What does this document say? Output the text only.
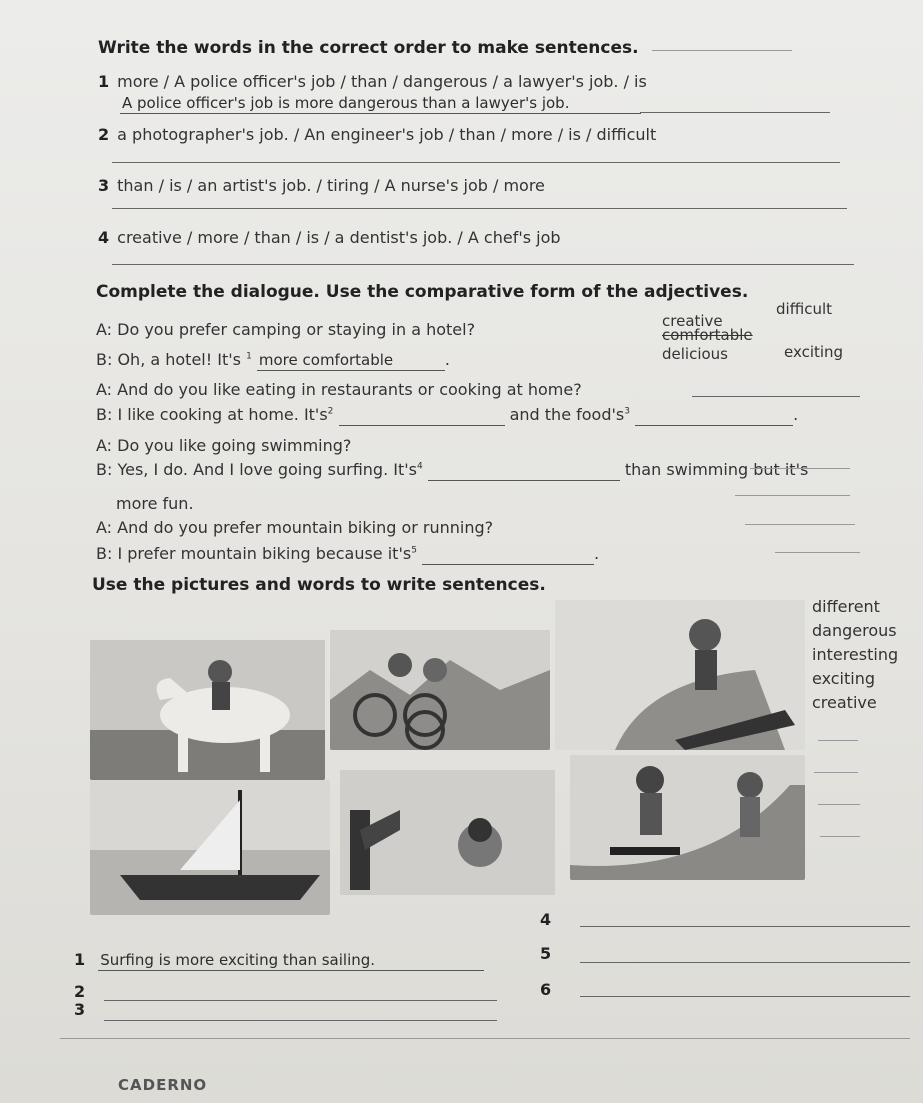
Write the words in the correct order to make sentences.
1 more / A police officer's job / than / dangerous / a lawyer's job. / is
A police officer's job is more dangerous than a lawyer's job.
2 a photographer's job. / An engineer's job / than / more / is / difficult
3 than / is / an artist's job. / tiring / A nurse's job / more
4 creative / more / than / is / a dentist's job. / A chef's job
Complete the dialogue. Use the comparative form of the adjectives.
creative
difficult
comfortable
delicious	exciting
A: Do you prefer camping or staying in a hotel?
B: Oh, a hotel! It's $^1$ more comfortable	.
A: And do you like eating in restaurants or cooking at home?
B: I like cooking at home. $It's^2$	and the $food's^3$	.
A: Do you like going swimming?
B: Yes, I do. And I love going surfing. $It's^4$	than swimming but it's
more fun.
A: And do you prefer mountain biking or running?
B: I prefer mountain biking because $it's^5$	.
Use the pictures and words to write sentences.
different
dangerous
interesting
exciting
creative
1 Surfing is more exciting than sailing.
2
3
4
5
6
CADERNO
